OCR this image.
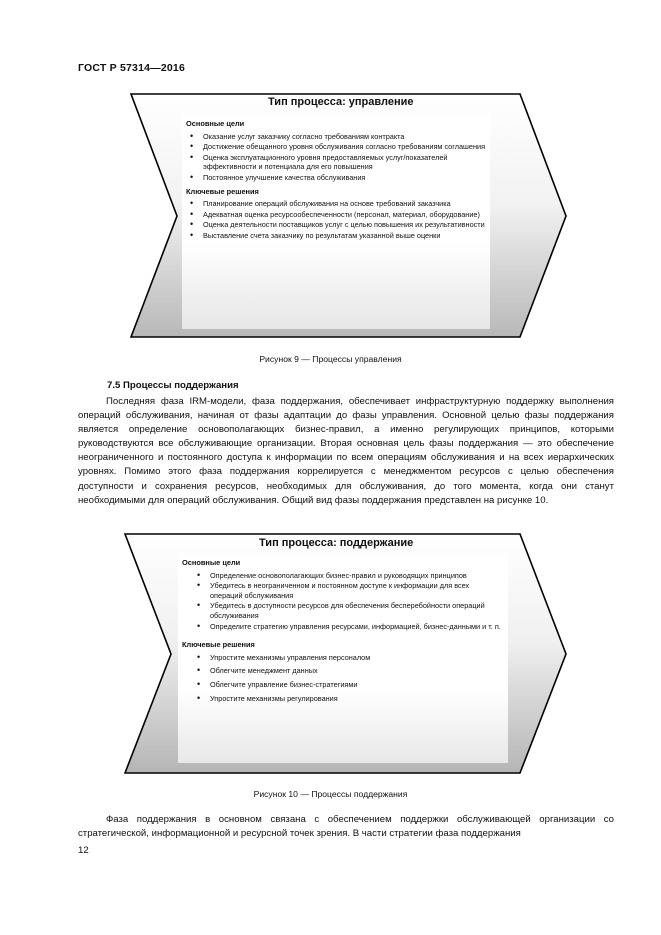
ГОСТ Р 57314—2016
Тип процесса: управление
Основные цели
• Оказание услуг заказчику согласно требованиям контракта
• Достижение обещанного уровня обслуживания согласно требованиям соглашения
• Оценка эксплуатационного уровня предоставляемых услуг/показателей эффективности и потенциала для его повышения
• Постоянное улучшение качества обслуживания
Ключевые решения
• Планирование операций обслуживания на основе требований заказчика
• Адекватная оценка ресурсообеспеченности (персонал, материал, оборудование)
• Оценка деятельности поставщиков услуг с целью повышения их результативности
• Выставление счета заказчику по результатам указанной выше оценки
Рисунок 9 — Процессы управления
7.5 Процессы поддержания
Последняя фаза IRM-модели, фаза поддержания, обеспечивает инфраструктурную поддержку выполнения операций обслуживания, начиная от фазы адаптации до фазы управления. Основной целью фазы поддержания является определение основополагающих бизнес-правил, а именно регулирующих принципов, которыми руководствуются все обслуживающие организации. Вторая основная цель фазы поддержания — это обеспечение неограниченного и постоянного доступа к информации по всем операциям обслуживания и на всех иерархических уровнях. Помимо этого фаза поддержания коррелируется с менеджментом ресурсов с целью обеспечения доступности и сохранения ресурсов, необходимых для обслуживания, до того момента, когда они станут необходимыми для операций обслуживания. Общий вид фазы поддержания представлен на рисунке 10.
Тип процесса: поддержание
Основные цели
• Определение основополагающих бизнес-правил и руководящих принципов
• Убедитесь в неограниченном и постоянном доступе к информации для всех операций обслуживания
• Убедитесь в доступности ресурсов для обеспечения бесперебойности операций обслуживания
• Определите стратегию управления ресурсами, информацией, бизнес-данными и т. п.
Ключевые решения
• Упростите механизмы управления персоналом
• Облегчите менеджмент данных
• Облегчите управление бизнес-стратегиями
• Упростите механизмы регулирования
Рисунок 10 — Процессы поддержания
Фаза поддержания в основном связана с обеспечением поддержки обслуживающей организации со стратегической, информационной и ресурсной точек зрения. В части стратегии фаза поддержания
12
